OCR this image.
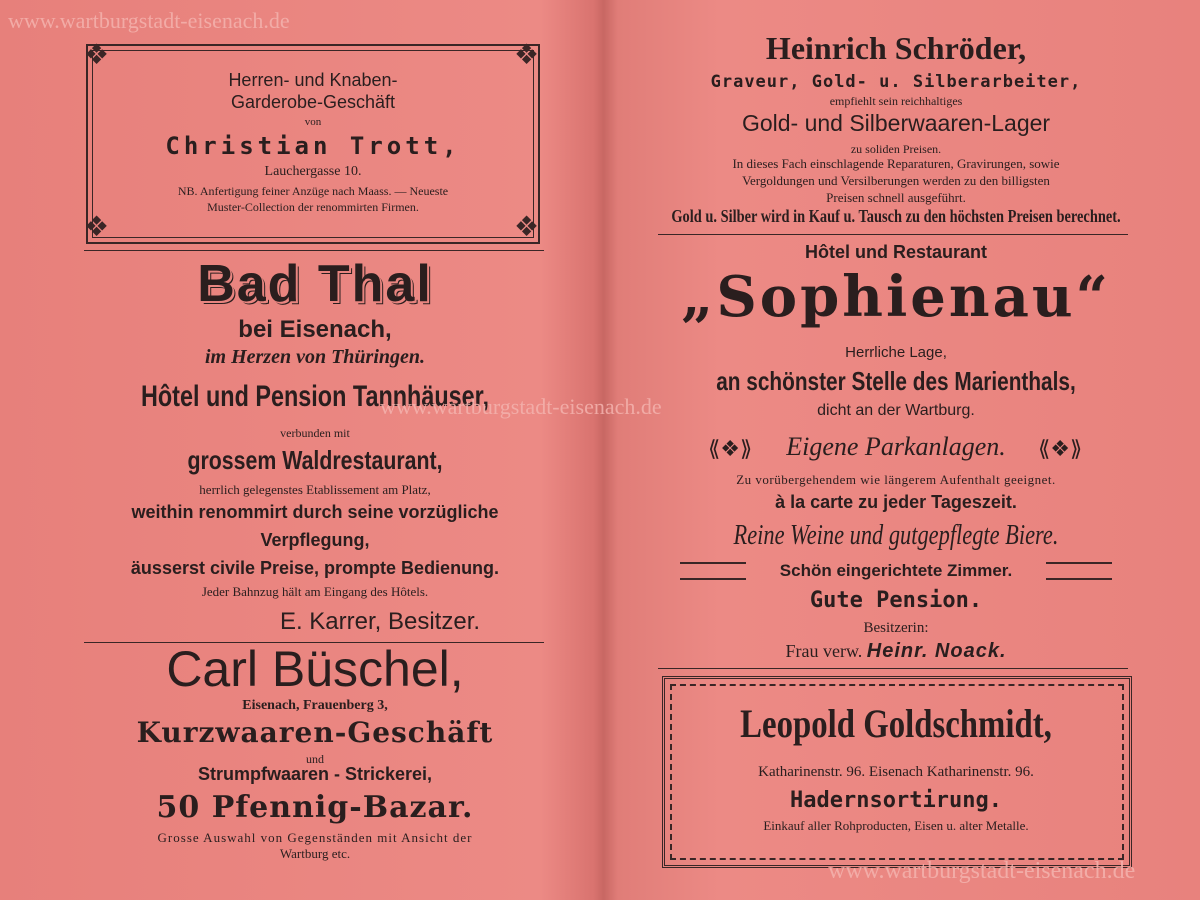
www.wartburgstadt-eisenach.de
❖	❖
❖	❖
Herren- und Knaben-
Garderobe-Geschäft
von
Christian Trott,
Lauchergasse 10.
NB. Anfertigung feiner Anzüge nach Maass. — Neueste
Muster-Collection der renommirten Firmen.
Bad Thal
bei Eisenach,
im Herzen von Thüringen.
Hôtel und Pension Tannhäuser,
verbunden mit
grossem Waldrestaurant,
herrlich gelegenstes Etablissement am Platz,
weithin renommirt durch seine vorzügliche
Verpflegung,
äusserst civile Preise, prompte Bedienung.
Jeder Bahnzug hält am Eingang des Hôtels.
E. Karrer, Besitzer.
Carl Büschel,
Eisenach, Frauenberg 3,
Kurzwaaren-Geschäft
und
Strumpfwaaren - Strickerei,
50 Pfennig-Bazar.
Grosse Auswahl von Gegenständen mit Ansicht der
Wartburg etc.
Heinrich Schröder,
Graveur, Gold- u. Silberarbeiter,
empfiehlt sein reichhaltiges
Gold- und Silberwaaren-Lager
zu soliden Preisen.
In dieses Fach einschlagende Reparaturen, Gravirungen, sowie
Vergoldungen und Versilberungen werden zu den billigsten
Preisen schnell ausgeführt.
Gold u. Silber wird in Kauf u. Tausch zu den höchsten Preisen berechnet.
Hôtel und Restaurant
„Sophienau“
Herrliche Lage,
an schönster Stelle des Marienthals,
dicht an der Wartburg.
⟪❖⟫	Eigene Parkanlagen.	⟪❖⟫
Zu vorübergehendem wie längerem Aufenthalt geeignet.
à la carte zu jeder Tageszeit.
Reine Weine und gutgepflegte Biere.
Schön eingerichtete Zimmer.
Gute Pension.
Besitzerin:
Frau verw. Heinr. Noack.
Leopold Goldschmidt,
Katharinenstr. 96. Eisenach Katharinenstr. 96.
Hadernsortirung.
Einkauf aller Rohproducten, Eisen u. alter Metalle.
www.wartburgstadt-eisenach.de
www.wartburgstadt-eisenach.de
